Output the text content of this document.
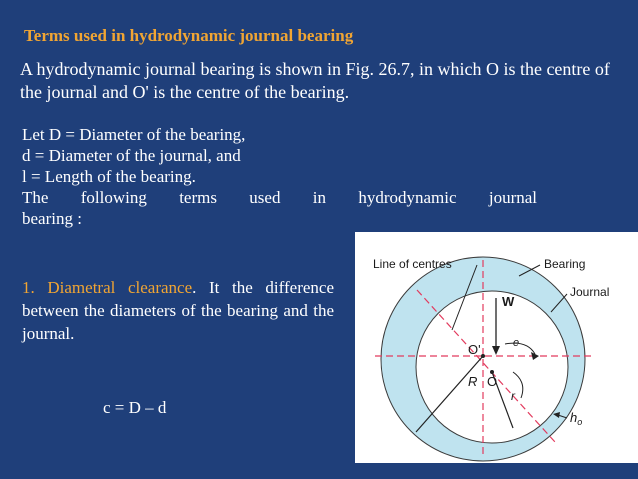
Terms used in hydrodynamic journal bearing
A hydrodynamic journal bearing is shown in Fig. 26.7, in which O is the centre of the journal and O' is the centre of the bearing.
Let D = Diameter of the bearing,
d = Diameter of the journal, and
l = Length of the bearing.
The following terms used in hydrodynamic journal
bearing :
1. Diametral clearance. It the difference between the diameters of the bearing and the journal.
c = D – d
Line of centres	Bearing
Journal
W
O'
O
e
R
r
$h_o$
